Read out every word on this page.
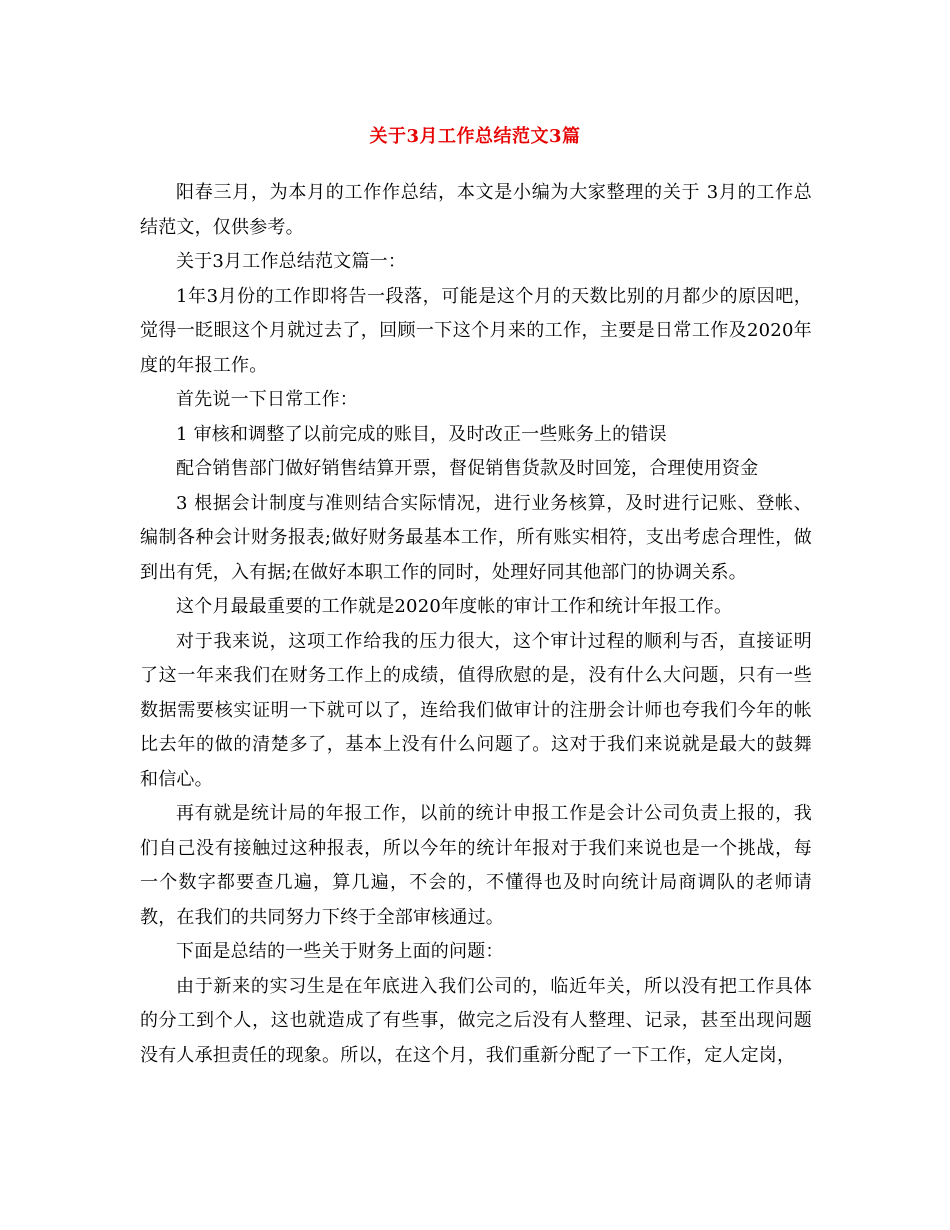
关于3月工作总结范文3篇

阳春三月，为本月的工作作总结，本文是小编为大家整理的关于 3月的工作总结范文，仅供参考。

关于3月工作总结范文篇一：

1年3月份的工作即将告一段落，可能是这个月的天数比别的月都少的原因吧，觉得一眨眼这个月就过去了，回顾一下这个月来的工作，主要是日常工作及2020年度的年报工作。

首先说一下日常工作：

1 审核和调整了以前完成的账目，及时改正一些账务上的错误

配合销售部门做好销售结算开票，督促销售货款及时回笼，合理使用资金

3 根据会计制度与准则结合实际情况，进行业务核算，及时进行记账、登帐、编制各种会计财务报表;做好财务最基本工作，所有账实相符，支出考虑合理性，做到出有凭，入有据;在做好本职工作的同时，处理好同其他部门的协调关系。

这个月最最重要的工作就是2020年度帐的审计工作和统计年报工作。

对于我来说，这项工作给我的压力很大，这个审计过程的顺利与否，直接证明了这一年来我们在财务工作上的成绩，值得欣慰的是，没有什么大问题，只有一些数据需要核实证明一下就可以了，连给我们做审计的注册会计师也夸我们今年的帐比去年的做的清楚多了，基本上没有什么问题了。这对于我们来说就是最大的鼓舞和信心。

再有就是统计局的年报工作，以前的统计申报工作是会计公司负责上报的，我们自己没有接触过这种报表，所以今年的统计年报对于我们来说也是一个挑战，每一个数字都要查几遍，算几遍，不会的，不懂得也及时向统计局商调队的老师请教，在我们的共同努力下终于全部审核通过。

下面是总结的一些关于财务上面的问题：

由于新来的实习生是在年底进入我们公司的，临近年关，所以没有把工作具体的分工到个人，这也就造成了有些事，做完之后没有人整理、记录，甚至出现问题没有人承担责任的现象。所以，在这个月，我们重新分配了一下工作，定人定岗，
